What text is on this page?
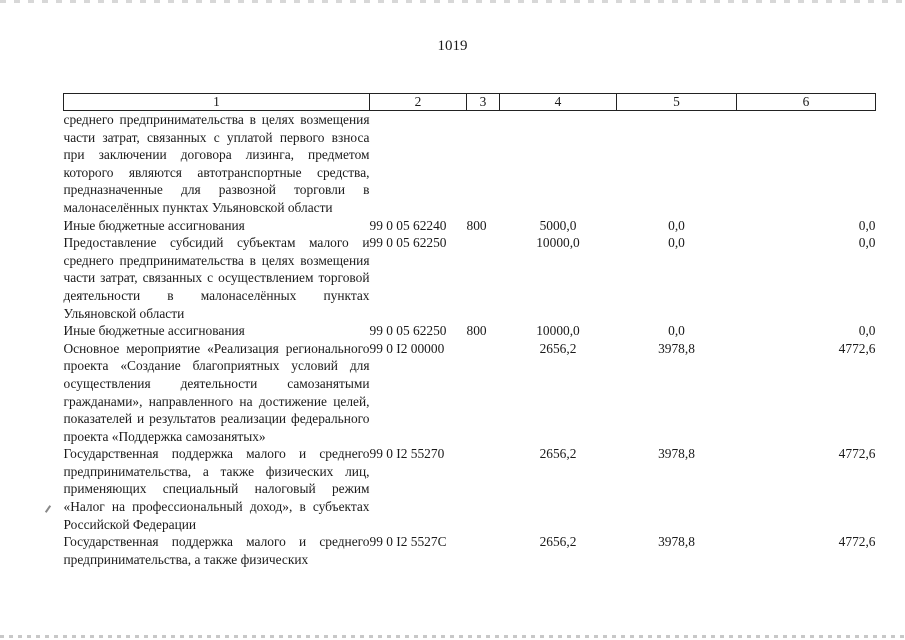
1019
1	2	3	4	5	6
среднего предпринимательства в целях возмещения части затрат, связанных с уплатой первого взноса при заключении договора лизинга, предметом которого являются автотранспортные средства, предназначенные для развозной торговли в малонаселённых пунктах Ульяновской области					
Иные бюджетные ассигнования	99 0 05 62240	800	5000,0	0,0	0,0
Предоставление субсидий субъектам малого и среднего предпринимательства в целях возмещения части затрат, связанных с осуществлением торговой деятельности в малонаселённых пунктах Ульяновской области	99 0 05 62250		10000,0	0,0	0,0
Иные бюджетные ассигнования	99 0 05 62250	800	10000,0	0,0	0,0
Основное мероприятие «Реализация регионального проекта «Создание благоприятных условий для осуществления деятельности самозанятыми гражданами», направленного на достижение целей, показателей и результатов реализации федерального проекта «Поддержка самозанятых»	99 0 I2 00000		2656,2	3978,8	4772,6
Государственная поддержка малого и среднего предпринимательства, а также физических лиц, применяющих специальный налоговый режим «Налог на профессиональный доход», в субъектах Российской Федерации	99 0 I2 55270		2656,2	3978,8	4772,6
Государственная поддержка малого и среднего предпринимательства, а также физических	99 0 I2 5527C		2656,2	3978,8	4772,6
